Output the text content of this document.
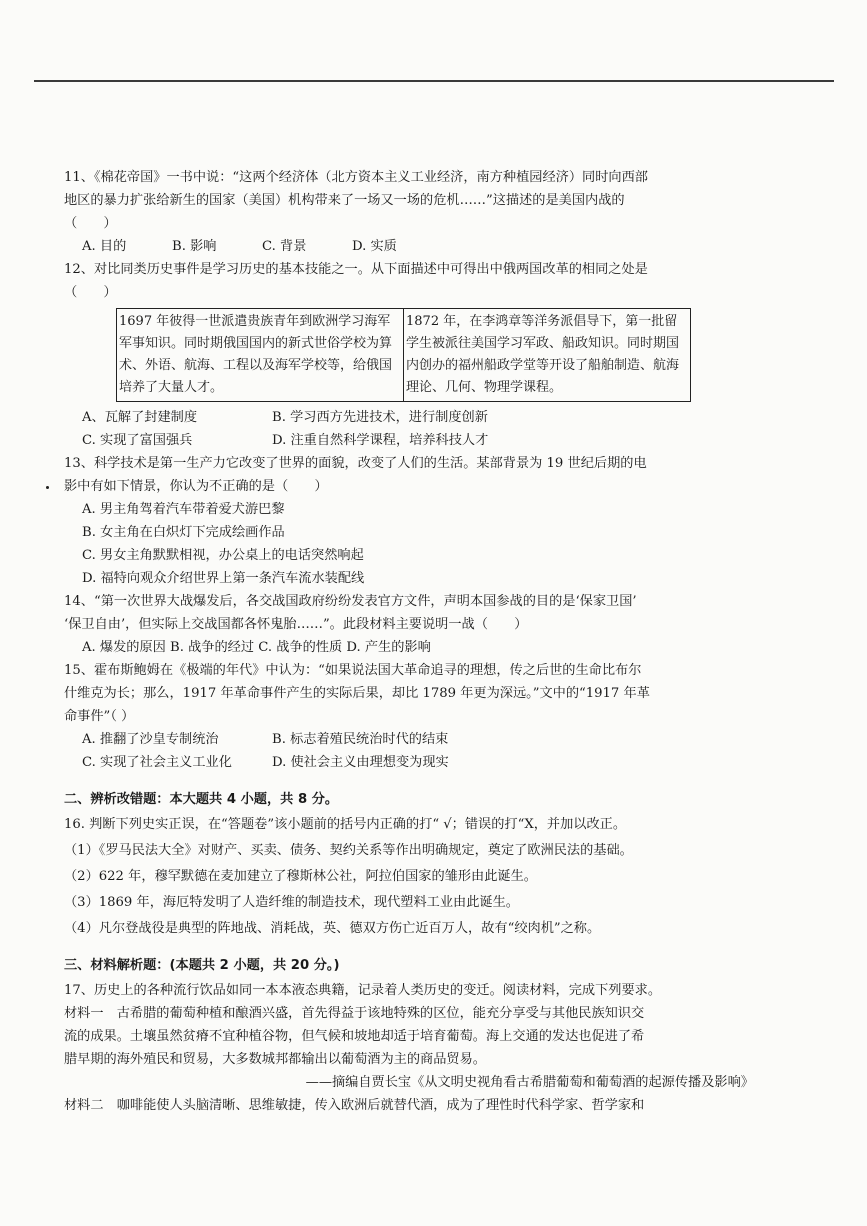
11、《棉花帝国》一书中说：“这两个经济体（北方资本主义工业经济，南方种植园经济）同时向西部
地区的暴力扩张给新生的国家（美国）机构带来了一场又一场的危机……”这描述的是美国内战的
（　　）
A. 目的	B. 影响	C. 背景	D. 实质
12、对比同类历史事件是学习历史的基本技能之一。从下面描述中可得出中俄两国改革的相同之处是
（　　）
1697 年彼得一世派遣贵族青年到欧洲学习海军军事知识。同时期俄国国内的新式世俗学校为算术、外语、航海、工程以及海军学校等，给俄国培养了大量人才。	1872 年，在李鸿章等洋务派倡导下，第一批留学生被派往美国学习军政、船政知识。同时期国内创办的福州船政学堂等开设了船舶制造、航海理论、几何、物理学课程。
A、瓦解了封建制度	B. 学习西方先进技术，进行制度创新
C. 实现了富国强兵	D. 注重自然科学课程，培养科技人才
13、科学技术是第一生产力它改变了世界的面貌，改变了人们的生活。某部背景为 19 世纪后期的电
影中有如下情景，你认为不正确的是（　　）
A. 男主角驾着汽车带着爱犬游巴黎
B. 女主角在白炽灯下完成绘画作品
C. 男女主角默默相视，办公桌上的电话突然响起
D. 福特向观众介绍世界上第一条汽车流水装配线
14、“第一次世界大战爆发后，各交战国政府纷纷发表官方文件，声明本国参战的目的是‘保家卫国’
‘保卫自由’，但实际上交战国都各怀鬼胎……”。此段材料主要说明一战（　　）
A. 爆发的原因 B. 战争的经过 C. 战争的性质 D. 产生的影响
15、霍布斯鲍姆在《极端的年代》中认为：“如果说法国大革命追寻的理想，传之后世的生命比布尔
什维克为长；那么，1917 年革命事件产生的实际后果，却比 1789 年更为深远。”文中的“1917 年革
命事件”（ ）
A. 推翻了沙皇专制统治	B. 标志着殖民统治时代的结束
C. 实现了社会主义工业化	D. 使社会主义由理想变为现实
二、辨析改错题：本大题共 4 小题，共 8 分。
16. 判断下列史实正误，在“答题卷”该小题前的括号内正确的打“ √；错误的打“X，并加以改正。
（1）《罗马民法大全》对财产、买卖、债务、契约关系等作出明确规定，奠定了欧洲民法的基础。
（2）622 年，穆罕默德在麦加建立了穆斯林公社，阿拉伯国家的雏形由此诞生。
（3）1869 年，海厄特发明了人造纤维的制造技术，现代塑料工业由此诞生。
（4）凡尔登战役是典型的阵地战、消耗战，英、德双方伤亡近百万人，故有“绞肉机”之称。
三、材料解析题：(本题共 2 小题，共 20 分。)
17、历史上的各种流行饮品如同一本本液态典籍，记录着人类历史的变迁。阅读材料，完成下列要求。
材料一　古希腊的葡萄种植和酿酒兴盛，首先得益于该地特殊的区位，能充分享受与其他民族知识交
流的成果。土壤虽然贫瘠不宜种植谷物，但气候和坡地却适于培育葡萄。海上交通的发达也促进了希
腊早期的海外殖民和贸易，大多数城邦都输出以葡萄酒为主的商品贸易。
——摘编自贾长宝《从文明史视角看古希腊葡萄和葡萄酒的起源传播及影响》
材料二　咖啡能使人头脑清晰、思维敏捷，传入欧洲后就替代酒，成为了理性时代科学家、哲学家和
